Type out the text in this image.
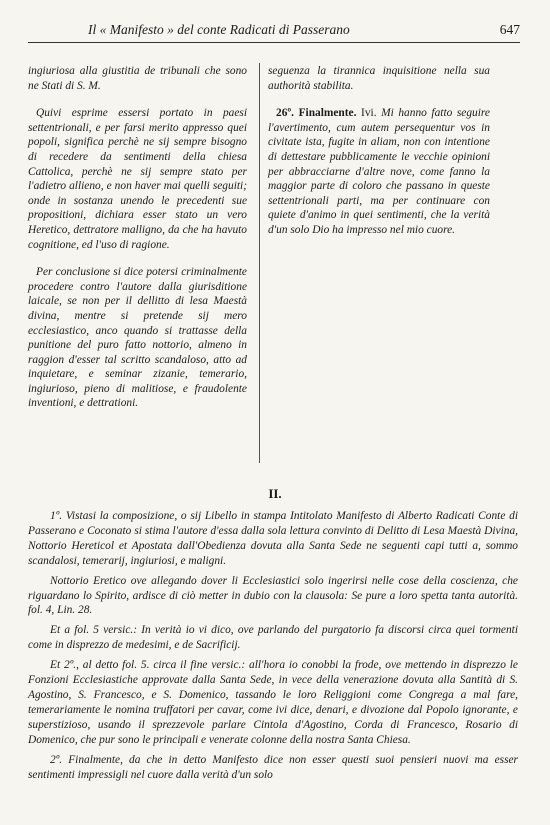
Il « Manifesto » del conte Radicati di Passerano	647

ingiuriosa alla giustitia de tribunali che sono ne Stati di S. M.

Quivi esprime essersi portato in paesi settentrionali, e per farsi merito appresso quei popoli, significa perchè ne sij sempre bisogno di recedere da sentimenti della chiesa Cattolica, perchè ne sij sempre stato per l'adietro allieno, e non haver mai quelli seguiti; onde in sostanza unendo le precedenti sue propositioni, dichiara esser stato un vero Heretico, dettratore malligno, da che ha havuto cognitione, ed l'uso di ragione.

Per conclusione si dice potersi criminalmente procedere contro l'autore dalla giurisditione laicale, se non per il dellitto di lesa Maestà divina, mentre si pretende sij mero ecclesiastico, anco quando si trattasse della punitione del puro fatto nottorio, almeno in raggion d'esser tal scritto scandaloso, atto ad inquietare, e seminar zizanie, temerario, ingiurioso, pieno di malitiose, e fraudolente inventioni, e dettrationi.

seguenza la tirannica inquisitione nella sua authorità stabilita.

26º. Finalmente. Ivi. Mi hanno fatto seguire l'avertimento, cum autem persequentur vos in civitate ista, fugite in aliam, non con intentione di dettestare pubblicamente le vecchie opinioni per abbracciarne d'altre nove, come fanno la maggior parte di coloro che passano in queste settentrionali parti, ma per continuare con quiete d'animo in quei sentimenti, che la verità d'un solo Dio ha impresso nel mio cuore.

II.

1º. Vistasi la composizione, o sij Libello in stampa Intitolato Manifesto di Alberto Radicati Conte di Passerano e Coconato si stima l'autore d'essa dalla sola lettura convinto di Delitto di Lesa Maestà Divina, Nottorio Hereticol et Apostata dall'Obedienza dovuta alla Santa Sede ne seguenti capi tutti a, sommo scandalosi, temerarij, ingiuriosi, e maligni.

Nottorio Eretico ove allegando dover li Ecclesiastici solo ingerirsi nelle cose della coscienza, che riguardano lo Spirito, ardisce di ciò metter in dubio con la clausola: Se pure a loro spetta tanta autorità. fol. 4, Lin. 28.

Et a fol. 5 versic.: In verità io vi dico, ove parlando del purgatorio fa discorsi circa quei tormenti come in disprezzo de medesimi, e de Sacrificij.

Et 2º., al detto fol. 5. circa il fine versic.: all'hora io conobbi la frode, ove mettendo in disprezzo le Fonzioni Ecclesiastiche approvate dalla Santa Sede, in vece della venerazione dovuta alla Santità di S. Agostino, S. Francesco, e S. Domenico, tassando le loro Religgioni come Congrega a mal fare, temerariamente le nomina truffatori per cavar, come ivi dice, denari, e divozione dal Popolo ignorante, e superstizioso, usando il sprezzevole parlare Cintola d'Agostino, Corda di Francesco, Rosario di Domenico, che pur sono le principali e venerate colonne della nostra Santa Chiesa.

2º. Finalmente, da che in detto Manifesto dice non esser questi suoi pensieri nuovi ma esser sentimenti impressigli nel cuore dalla verità d'un solo
